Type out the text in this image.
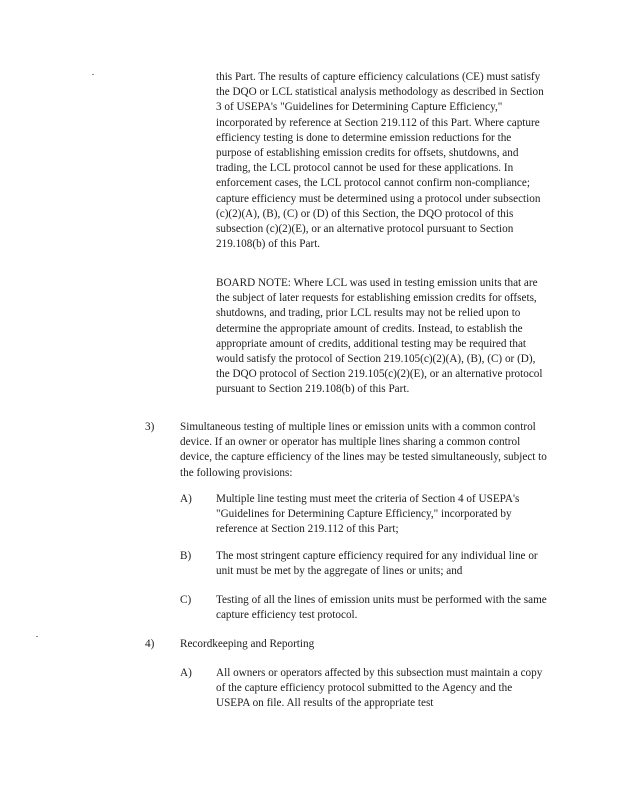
this Part. The results of capture efficiency calculations (CE) must satisfy the DQO or LCL statistical analysis methodology as described in Section 3 of USEPA's "Guidelines for Determining Capture Efficiency," incorporated by reference at Section 219.112 of this Part. Where capture efficiency testing is done to determine emission reductions for the purpose of establishing emission credits for offsets, shutdowns, and trading, the LCL protocol cannot be used for these applications. In enforcement cases, the LCL protocol cannot confirm non-compliance; capture efficiency must be determined using a protocol under subsection (c)(2)(A), (B), (C) or (D) of this Section, the DQO protocol of this subsection (c)(2)(E), or an alternative protocol pursuant to Section 219.108(b) of this Part.

BOARD NOTE: Where LCL was used in testing emission units that are the subject of later requests for establishing emission credits for offsets, shutdowns, and trading, prior LCL results may not be relied upon to determine the appropriate amount of credits. Instead, to establish the appropriate amount of credits, additional testing may be required that would satisfy the protocol of Section 219.105(c)(2)(A), (B), (C) or (D), the DQO protocol of Section 219.105(c)(2)(E), or an alternative protocol pursuant to Section 219.108(b) of this Part.

3) Simultaneous testing of multiple lines or emission units with a common control device. If an owner or operator has multiple lines sharing a common control device, the capture efficiency of the lines may be tested simultaneously, subject to the following provisions:

A) Multiple line testing must meet the criteria of Section 4 of USEPA's "Guidelines for Determining Capture Efficiency," incorporated by reference at Section 219.112 of this Part;

B) The most stringent capture efficiency required for any individual line or unit must be met by the aggregate of lines or units; and

C) Testing of all the lines of emission units must be performed with the same capture efficiency test protocol.

4) Recordkeeping and Reporting

A) All owners or operators affected by this subsection must maintain a copy of the capture efficiency protocol submitted to the Agency and the USEPA on file. All results of the appropriate test
